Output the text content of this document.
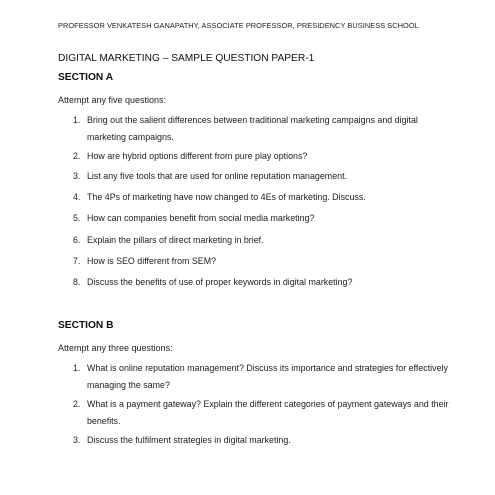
PROFESSOR VENKATESH GANAPATHY, ASSOCIATE PROFESSOR, PRESIDENCY BUSINESS SCHOOL
DIGITAL MARKETING – SAMPLE QUESTION PAPER-1
SECTION A
Attempt any five questions:
1. Bring out the salient differences between traditional marketing campaigns and digital marketing campaigns.
2. How are hybrid options different from pure play options?
3. List any five tools that are used for online reputation management.
4. The 4Ps of marketing have now changed to 4Es of marketing. Discuss.
5. How can companies benefit from social media marketing?
6. Explain the pillars of direct marketing in brief.
7. How is SEO different from SEM?
8. Discuss the benefits of use of proper keywords in digital marketing?
SECTION B
Attempt any three questions:
1. What is online reputation management? Discuss its importance and strategies for effectively managing the same?
2. What is a payment gateway? Explain the different categories of payment gateways and their benefits.
3. Discuss the fulfilment strategies in digital marketing.
